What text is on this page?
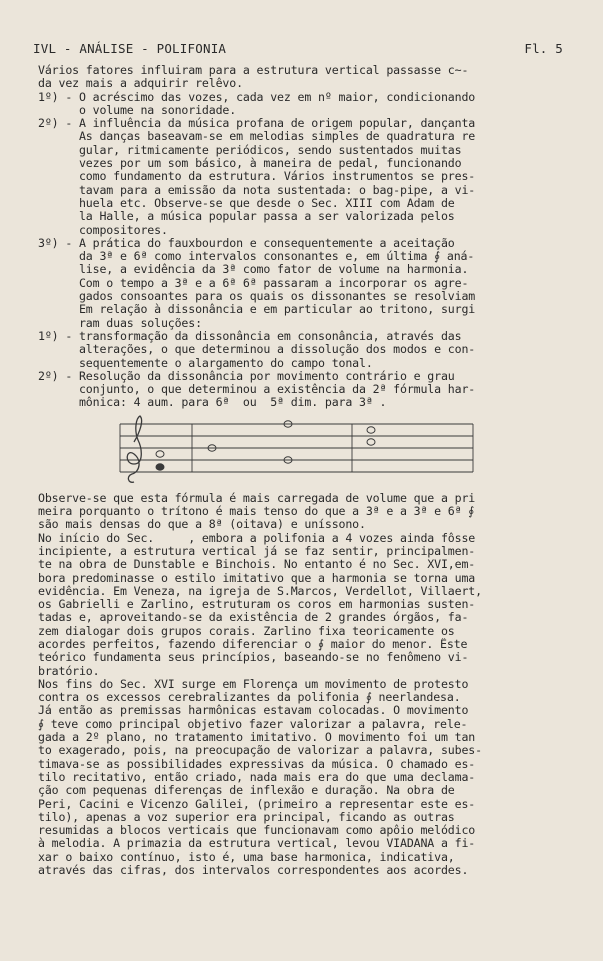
IVL - ANÁLISE - POLIFONIA	Fl. 5
Vários fatores influiram para a estrutura vertical passasse c~-
da vez mais a adquirir relêvo.
1º) - O acréscimo das vozes, cada vez em nº maior, condicionando
o volume na sonoridade.
2º) - A influência da música profana de origem popular, dançanta
As danças baseavam-se em melodias simples de quadratura re
gular, ritmicamente periódicos, sendo sustentados muitas
vezes por um som básico, à maneira de pedal, funcionando
como fundamento da estrutura. Vários instrumentos se pres-
tavam para a emissão da nota sustentada: o bag-pipe, a vi-
huela etc. Observe-se que desde o Sec. XIII com Adam de
la Halle, a música popular passa a ser valorizada pelos
compositores.
3º) - A prática do fauxbourdon e consequentemente a aceitação
da 3ª e 6ª como intervalos consonantes e, em última ∮ aná-
lise, a evidência da 3ª como fator de volume na harmonia.
Com o tempo a 3ª e a 6ª 6ª passaram a incorporar os agre-
gados consoantes para os quais os dissonantes se resolviam
Em relação à dissonância e em particular ao tritono, surgi
ram duas soluções:
1º) - transformação da dissonância em consonância, através das
alterações, o que determinou a dissolução dos modos e con-
sequentemente o alargamento do campo tonal.
2º) - Resolução da dissonância por movimento contrário e grau
conjunto, o que determinou a existência da 2ª fórmula har-
mônica: 4 aum. para 6ª  ou  5ª dim. para 3ª .
Observe-se que esta fórmula é mais carregada de volume que a pri
meira porquanto o trítono é mais tenso do que a 3ª e a 3ª e 6ª ∮
são mais densas do que a 8ª (oitava) e uníssono.
No início do Sec.     , embora a polifonia a 4 vozes ainda fôsse
incipiente, a estrutura vertical já se faz sentir, principalmen-
te na obra de Dunstable e Binchois. No entanto é no Sec. XVI,em-
bora predominasse o estilo imitativo que a harmonia se torna uma
evidência. Em Veneza, na igreja de S.Marcos, Verdellot, Villaert,
os Gabrielli e Zarlino, estruturam os coros em harmonias susten-
tadas e, aproveitando-se da existência de 2 grandes órgãos, fa-
zem dialogar dois grupos corais. Zarlino fixa teoricamente os
acordes perfeitos, fazendo diferenciar o ∮ maior do menor. Êste
teórico fundamenta seus princípios, baseando-se no fenômeno vi-
bratório.
Nos fins do Sec. XVI surge em Florença um movimento de protesto
contra os excessos cerebralizantes da polifonia ∮ neerlandesa.
Já então as premissas harmônicas estavam colocadas. O movimento
∮ teve como principal objetivo fazer valorizar a palavra, rele-
gada a 2º plano, no tratamento imitativo. O movimento foi um tan
to exagerado, pois, na preocupação de valorizar a palavra, subes-
timava-se as possibilidades expressivas da música. O chamado es-
tilo recitativo, então criado, nada mais era do que uma declama-
ção com pequenas diferenças de inflexão e duração. Na obra de
Peri, Cacini e Vicenzo Galilei, (primeiro a representar este es-
tilo), apenas a voz superior era principal, ficando as outras
resumidas a blocos verticais que funcionavam como apôio melódico
à melodia. A primazia da estrutura vertical, levou VIADANA a fi-
xar o baixo contínuo, isto é, uma base harmonica, indicativa,
através das cifras, dos intervalos correspondentes aos acordes.
